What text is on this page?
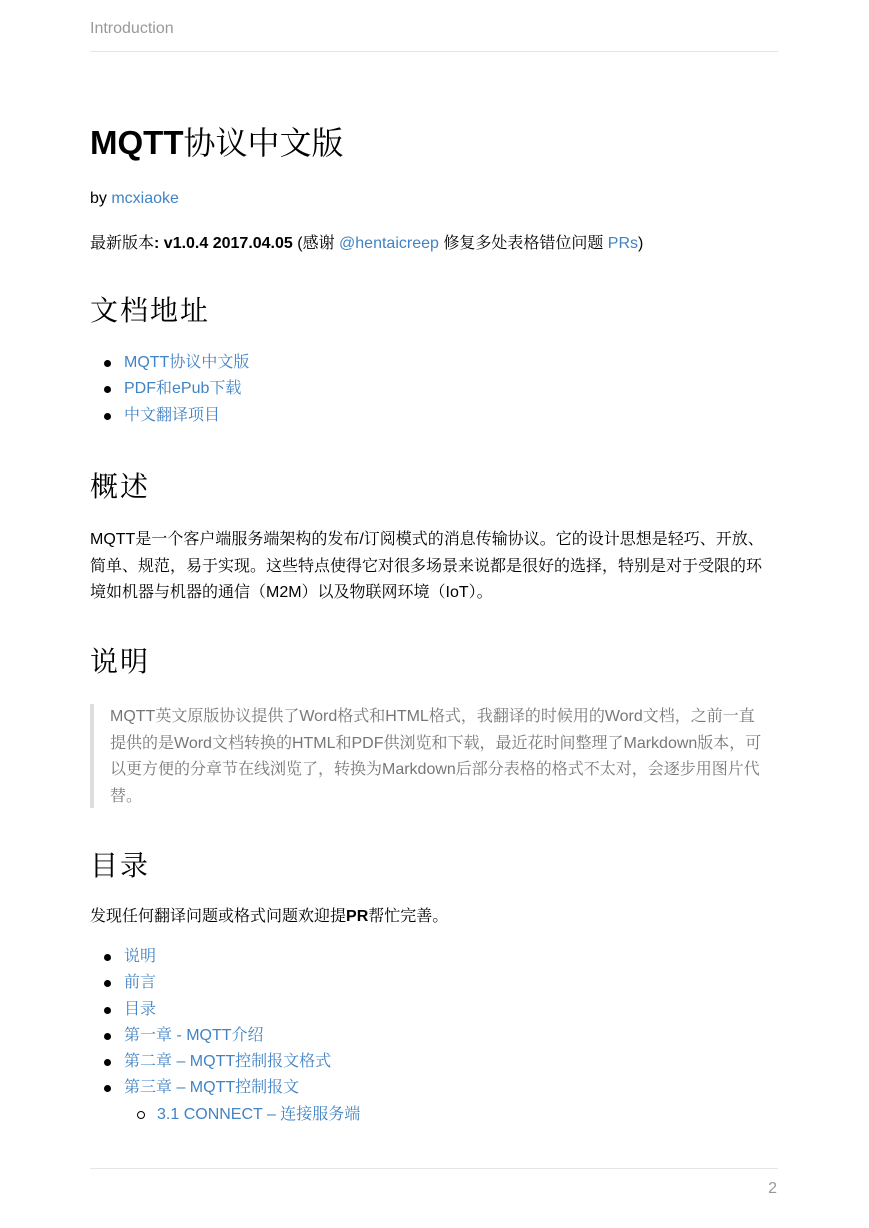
Introduction
MQTT协议中文版
by mcxiaoke
最新版本: v1.0.4 2017.04.05 (感谢 @hentaicreep 修复多处表格错位问题 PRs)
文档地址
MQTT协议中文版
PDF和ePub下载
中文翻译项目
概述

MQTT是一个客户端服务端架构的发布/订阅模式的消息传输协议。它的设计思想是轻巧、开放、简单、规范，易于实现。这些特点使得它对很多场景来说都是很好的选择，特别是对于受限的环境如机器与机器的通信（M2M）以及物联网环境（IoT）。

说明

MQTT英文原版协议提供了Word格式和HTML格式，我翻译的时候用的Word文档，之前一直提供的是Word文档转换的HTML和PDF供浏览和下载，最近花时间整理了Markdown版本，可以更方便的分章节在线浏览了，转换为Markdown后部分表格的格式不太对，会逐步用图片代替。

目录

发现任何翻译问题或格式问题欢迎提PR帮忙完善。

说明
前言
目录
第一章 - MQTT介绍
第二章 – MQTT控制报文格式
第三章 – MQTT控制报文
3.1 CONNECT – 连接服务端
2
